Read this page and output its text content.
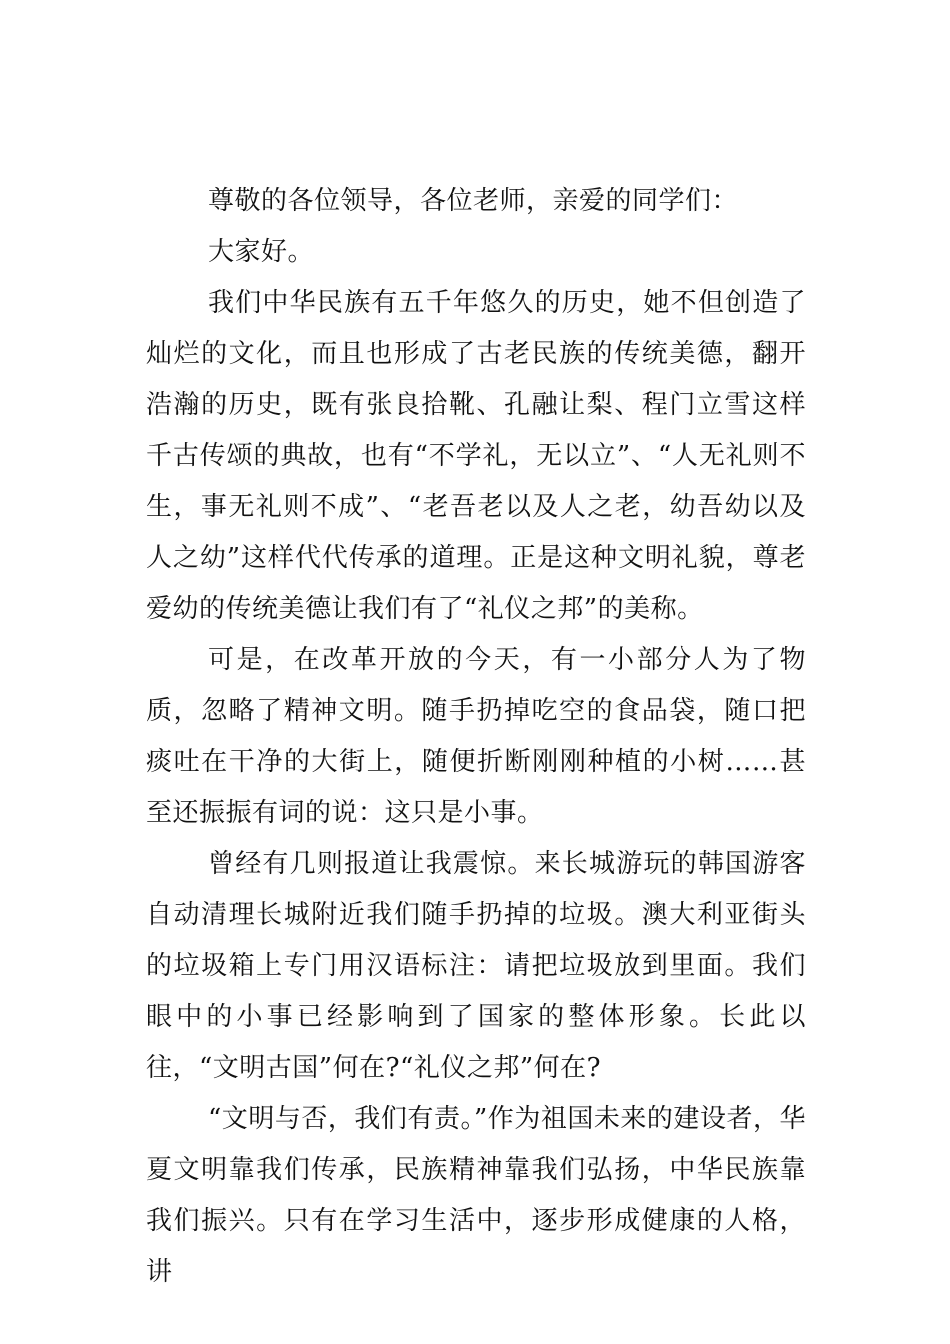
尊敬的各位领导，各位老师，亲爱的同学们：

大家好。

我们中华民族有五千年悠久的历史，她不但创造了灿烂的文化，而且也形成了古老民族的传统美德，翻开浩瀚的历史，既有张良拾靴、孔融让梨、程门立雪这样千古传颂的典故，也有“不学礼，无以立”、“人无礼则不生，事无礼则不成”、“老吾老以及人之老，幼吾幼以及人之幼”这样代代传承的道理。正是这种文明礼貌，尊老爱幼的传统美德让我们有了“礼仪之邦”的美称。

可是，在改革开放的今天，有一小部分人为了物质，忽略了精神文明。随手扔掉吃空的食品袋，随口把痰吐在干净的大街上，随便折断刚刚种植的小树……甚至还振振有词的说：这只是小事。

曾经有几则报道让我震惊。来长城游玩的韩国游客自动清理长城附近我们随手扔掉的垃圾。澳大利亚街头的垃圾箱上专门用汉语标注：请把垃圾放到里面。我们眼中的小事已经影响到了国家的整体形象。长此以往，“文明古国”何在?“礼仪之邦”何在?

“文明与否，我们有责。”作为祖国未来的建设者，华夏文明靠我们传承，民族精神靠我们弘扬，中华民族靠我们振兴。只有在学习生活中，逐步形成健康的人格，讲
